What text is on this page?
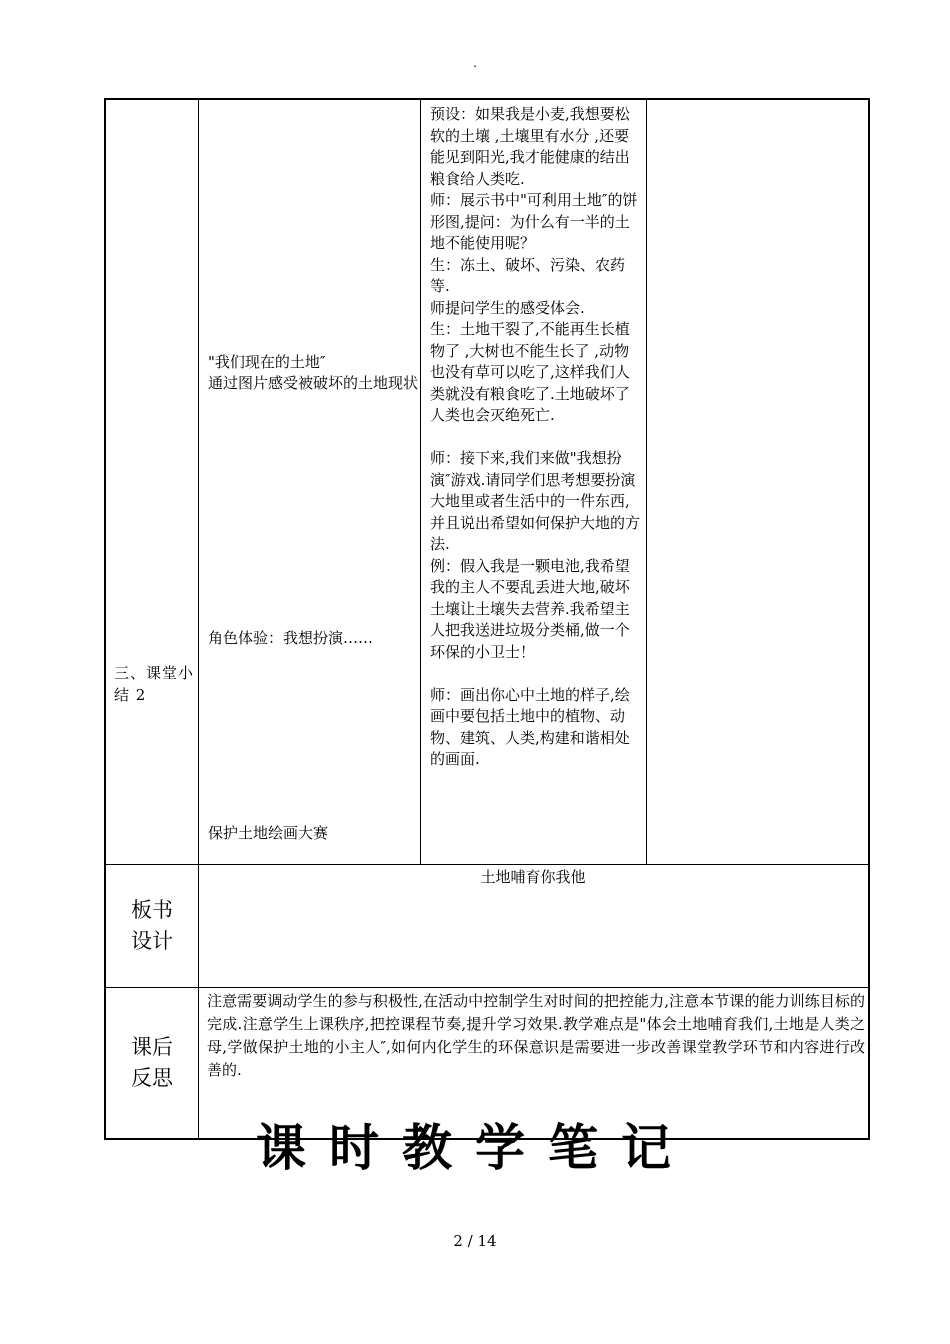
.
三、课堂小结 2
"我们现在的土地″
通过图片感受被破坏的土地现状
角色体验：我想扮演……
保护土地绘画大赛
预设：如果我是小麦,我想要松软的土壤 ,土壤里有水分 ,还要能见到阳光,我才能健康的结出粮食给人类吃.
师：展示书中"可利用土地″的饼形图,提问：为什么有一半的土地不能使用呢？
生：冻土、破坏、污染、农药等.
师提问学生的感受体会.
生：土地干裂了,不能再生长植物了 ,大树也不能生长了 ,动物也没有草可以吃了,这样我们人类就没有粮食吃了.土地破坏了人类也会灭绝死亡.

师：接下来,我们来做"我想扮演″游戏.请同学们思考想要扮演大地里或者生活中的一件东西,并且说出希望如何保护大地的方法.
例：假入我是一颗电池,我希望我的主人不要乱丢进大地,破坏土壤让土壤失去营养.我希望主人把我送进垃圾分类桶,做一个环保的小卫士！

师：画出你心中土地的样子,绘画中要包括土地中的植物、动物、建筑、人类,构建和谐相处的画面.
板书设计
土地哺育你我他
课后反思
注意需要调动学生的参与积极性,在活动中控制学生对时间的把控能力,注意本节课的能力训练目标的完成.注意学生上课秩序,把控课程节奏,提升学习效果.教学难点是"体会土地哺育我们,土地是人类之母,学做保护土地的小主人″,如何内化学生的环保意识是需要进一步改善课堂教学环节和内容进行改善的.
课时教学笔记
2 / 14
